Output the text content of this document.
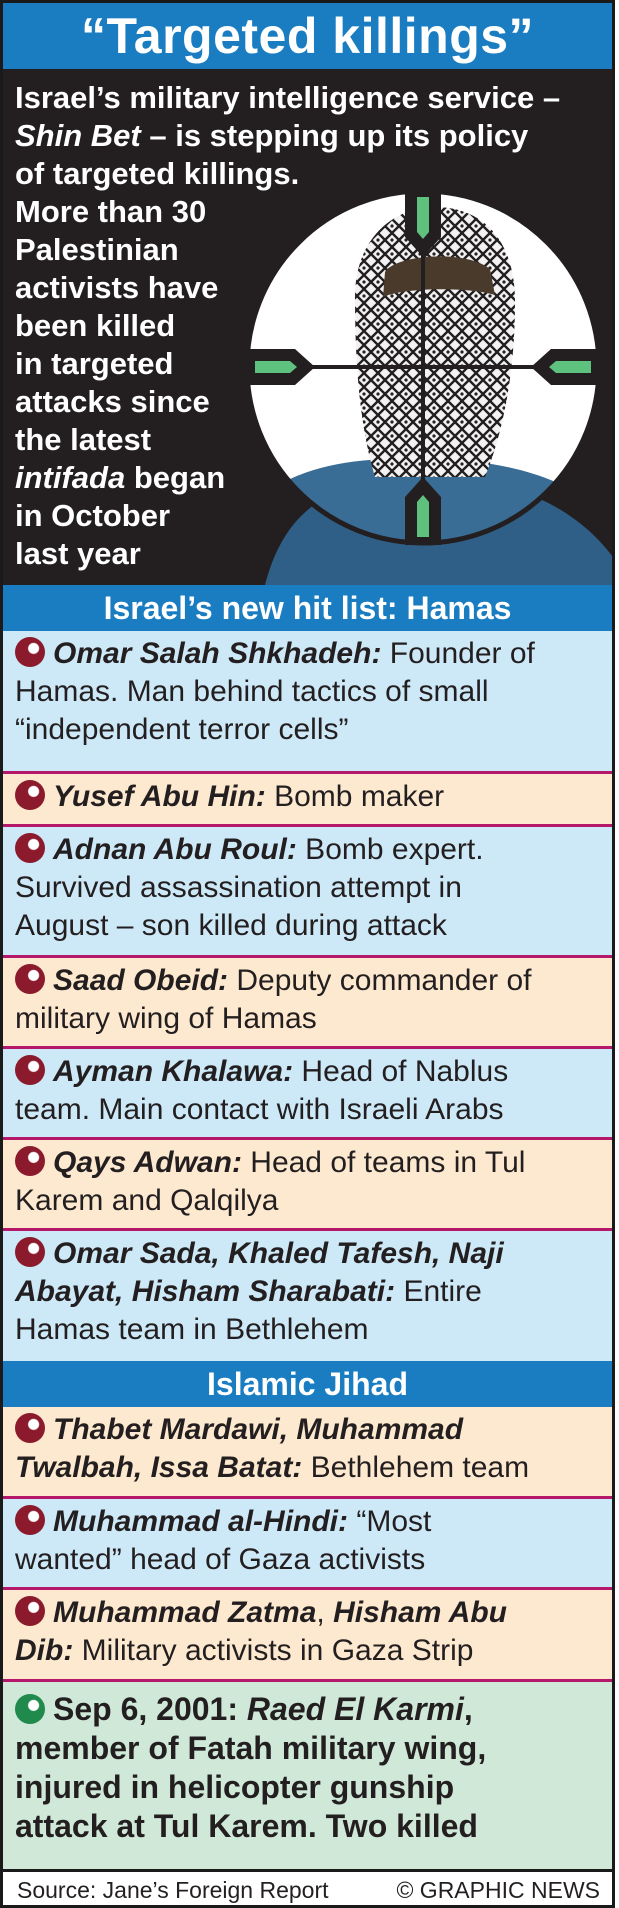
“Targeted killings”
Israel’s military intelligence service –
Shin Bet – is stepping up its policy
of targeted killings.
More than 30
Palestinian
activists have
been killed
in targeted
attacks since
the latest
intifada began
in October
last year
Israel’s new hit list: Hamas
Omar Salah Shkhadeh: Founder of
Hamas. Man behind tactics of small
“independent terror cells”
Yusef Abu Hin: Bomb maker
Adnan Abu Roul: Bomb expert.
Survived assassination attempt in
August – son killed during attack
Saad Obeid: Deputy commander of
military wing of Hamas
Ayman Khalawa: Head of Nablus
team. Main contact with Israeli Arabs
Qays Adwan: Head of teams in Tul
Karem and Qalqilya
Omar Sada, Khaled Tafesh, Naji
Abayat, Hisham Sharabati: Entire
Hamas team in Bethlehem
Islamic Jihad
Thabet Mardawi, Muhammad
Twalbah, Issa Batat: Bethlehem team
Muhammad al-Hindi: “Most
wanted” head of Gaza activists
Muhammad Zatma, Hisham Abu
Dib: Military activists in Gaza Strip
Sep 6, 2001: Raed El Karmi,
member of Fatah military wing,
injured in helicopter gunship
attack at Tul Karem. Two killed
Source: Jane’s Foreign Report	© GRAPHIC NEWS
